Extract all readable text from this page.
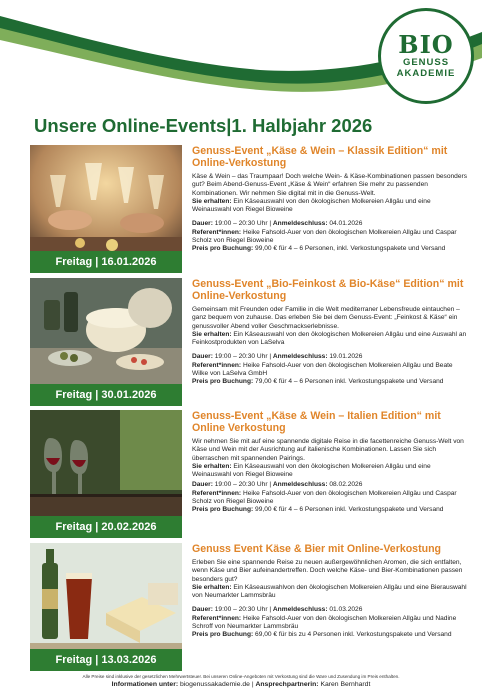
BIO
GENUSS
AKADEMIE
Unsere Online-Events|1. Halbjahr 2026
Freitag | 16.01.2026
Genuss-Event „Käse & Wein – Klassik Edition“ mit Online-Verkostung
Käse & Wein – das Traumpaar! Doch welche Wein- & Käse-Kombinationen passen besonders gut? Beim Abend-Genuss-Event „Käse & Wein“ erfahren Sie mehr zu passenden Kombinationen. Wir nehmen Sie digital mit in die Genuss-Welt.
Sie erhalten: Ein Käseauswahl von den ökologischen Molkereien Allgäu und eine Weinauswahl von Riegel Bioweine
Dauer: 19:00 – 20:30 Uhr | Anmeldeschluss: 04.01.2026
Referent*innen: Heike Fahsold-Auer von den ökologischen Molkereien Allgäu und Caspar Scholz von Riegel Bioweine
Preis pro Buchung: 99,00 € für 4 – 6 Personen, inkl. Verkostungspakete und Versand
Freitag | 30.01.2026
Genuss-Event „Bio-Feinkost & Bio-Käse“ Edition“ mit Online-Verkostung
Gemeinsam mit Freunden oder Familie in die Welt mediterraner Lebensfreude eintauchen – ganz bequem von zuhause. Das erleben Sie bei dem Genuss-Event: „Feinkost & Käse“ ein genussvoller Abend voller Geschmackserlebnisse.
Sie erhalten: Ein Käseauswahl von den ökologischen Molkereien Allgäu und eine Auswahl an Feinkostprodukten von LaSelva
Dauer: 19:00 – 20:30 Uhr | Anmeldeschluss: 19.01.2026
Referent*innen: Heike Fahsold-Auer von den ökologischen Molkereien Allgäu und Beate Wilke von LaSelva GmbH
Preis pro Buchung: 79,00 € für 4 – 6 Personen inkl. Verkostungspakete und Versand
Freitag | 20.02.2026
Genuss-Event „Käse & Wein – Italien Edition“ mit Online Verkostung
Wir nehmen Sie mit auf eine spannende digitale Reise in die facettenreiche Genuss-Welt von Käse und Wein mit der Ausrichtung auf italienische Kombinationen. Lassen Sie sich überraschen mit spannenden Pairings.
Sie erhalten: Ein Käseauswahl von den ökologischen Molkereien Allgäu und eine Weinauswahl von Riegel Bioweine
Dauer: 19:00 – 20:30 Uhr | Anmeldeschluss: 08.02.2026
Referent*innen: Heike Fahsold-Auer von den ökologischen Molkereien Allgäu und Caspar Scholz von Riegel Bioweine
Preis pro Buchung: 99,00 € für 4 – 6 Personen inkl. Verkostungspakete und Versand
Freitag | 13.03.2026
Genuss Event Käse & Bier mit Online-Verkostung
Erleben Sie eine spannende Reise zu neuen außergewöhnlichen Aromen, die sich entfalten, wenn Käse und Bier aufeinandertreffen. Doch welche Käse- und Bier-Kombinationen passen besonders gut?
Sie erhalten: Ein Käseauswahlvon den ökologischen Molkereien Allgäu und eine Bierauswahl von Neumarkter Lammsbräu
Dauer: 19:00 – 20:30 Uhr | Anmeldeschluss: 01.03.2026
Referent*innen: Heike Fahsold-Auer von den ökologischen Molkereien Allgäu und Nadine Schroff von Neumarkter Lammsbräu
Preis pro Buchung: 69,00 € für bis zu 4 Personen inkl. Verkostungspakete und Versand
Alle Preise sind inklusive der gesetzlichen Mehrwertsteuer. Bei unseren Online-Angeboten mit Verkostung sind die Ware und Zusendung im Preis enthalten.
Informationen unter: biogenussakademie.de | Ansprechpartnerin: Karen Bernhardt
